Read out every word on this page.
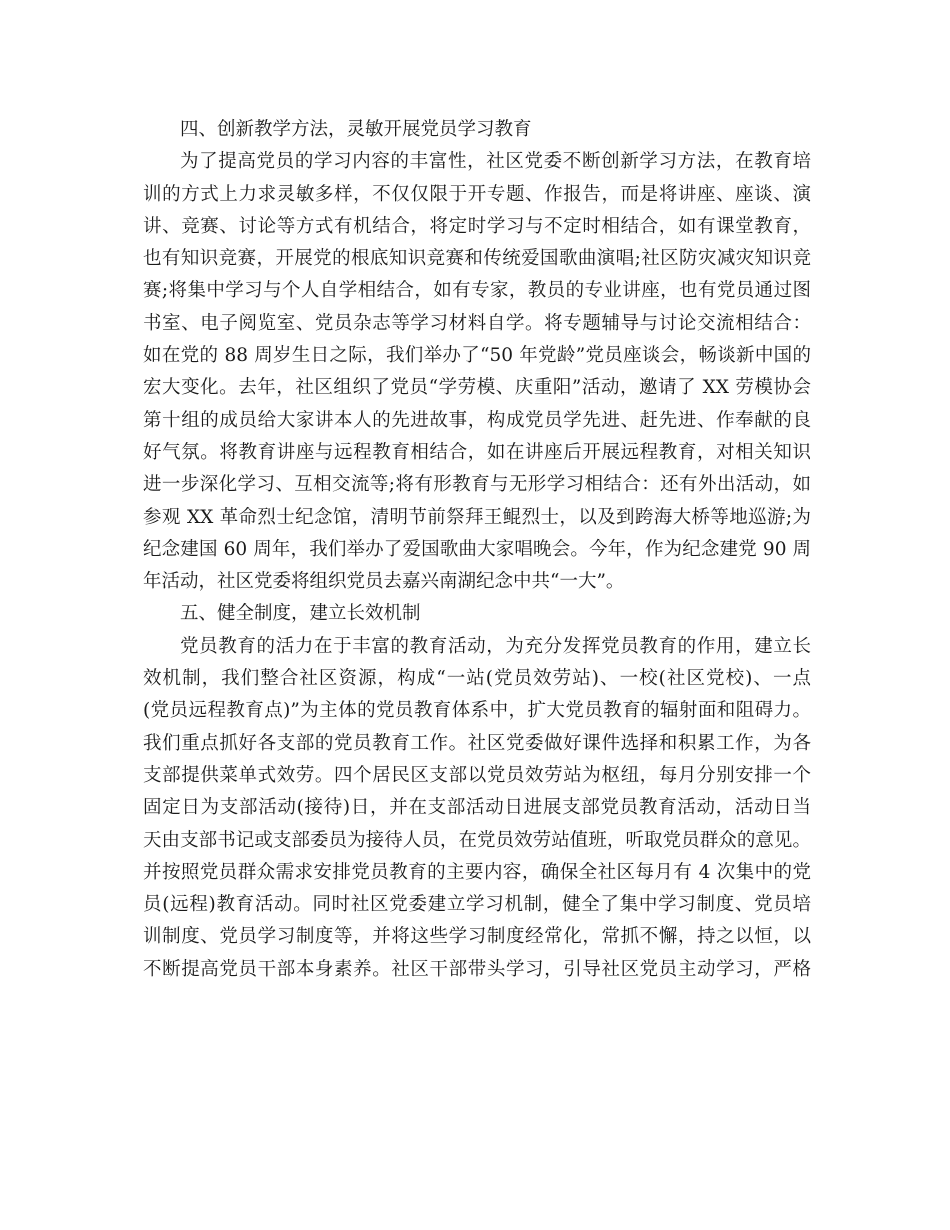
四、创新教学方法，灵敏开展党员学习教育
为了提高党员的学习内容的丰富性，社区党委不断创新学习方法，在教育培
训的方式上力求灵敏多样，不仅仅限于开专题、作报告，而是将讲座、座谈、演
讲、竞赛、讨论等方式有机结合，将定时学习与不定时相结合，如有课堂教育，
也有知识竞赛，开展党的根底知识竞赛和传统爱国歌曲演唱;社区防灾减灾知识竞
赛;将集中学习与个人自学相结合，如有专家，教员的专业讲座，也有党员通过图
书室、电子阅览室、党员杂志等学习材料自学。将专题辅导与讨论交流相结合：
如在党的 88 周岁生日之际，我们举办了“50 年党龄”党员座谈会，畅谈新中国的
宏大变化。去年，社区组织了党员“学劳模、庆重阳”活动，邀请了 XX 劳模协会
第十组的成员给大家讲本人的先进故事，构成党员学先进、赶先进、作奉献的良
好气氛。将教育讲座与远程教育相结合，如在讲座后开展远程教育，对相关知识
进一步深化学习、互相交流等;将有形教育与无形学习相结合：还有外出活动，如
参观 XX 革命烈士纪念馆，清明节前祭拜王鲲烈士，以及到跨海大桥等地巡游;为
纪念建国 60 周年，我们举办了爱国歌曲大家唱晚会。今年，作为纪念建党 90 周
年活动，社区党委将组织党员去嘉兴南湖纪念中共“一大”。
五、健全制度，建立长效机制
党员教育的活力在于丰富的教育活动，为充分发挥党员教育的作用，建立长
效机制，我们整合社区资源，构成“一站(党员效劳站)、一校(社区党校)、一点
(党员远程教育点)”为主体的党员教育体系中，扩大党员教育的辐射面和阻碍力。
我们重点抓好各支部的党员教育工作。社区党委做好课件选择和积累工作，为各
支部提供菜单式效劳。四个居民区支部以党员效劳站为枢纽，每月分别安排一个
固定日为支部活动(接待)日，并在支部活动日进展支部党员教育活动，活动日当
天由支部书记或支部委员为接待人员，在党员效劳站值班，听取党员群众的意见。
并按照党员群众需求安排党员教育的主要内容，确保全社区每月有 4 次集中的党
员(远程)教育活动。同时社区党委建立学习机制，健全了集中学习制度、党员培
训制度、党员学习制度等，并将这些学习制度经常化，常抓不懈，持之以恒，以
不断提高党员干部本身素养。社区干部带头学习，引导社区党员主动学习，严格
